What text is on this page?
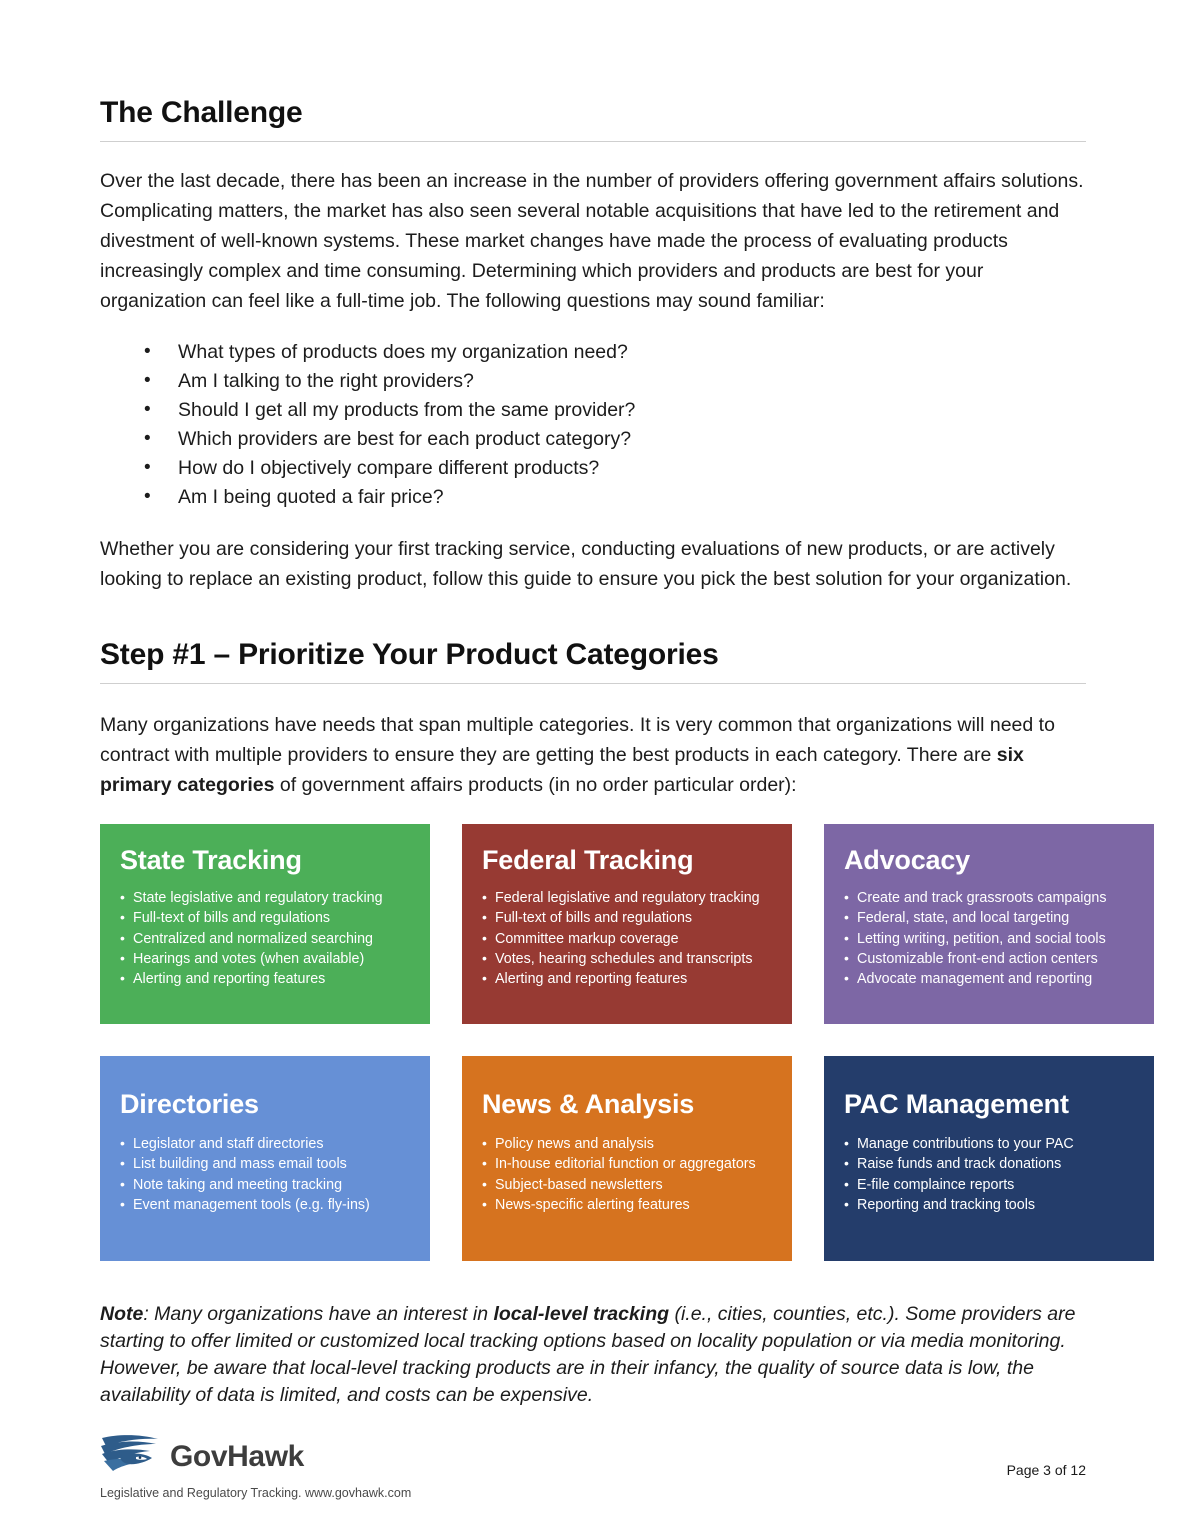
The Challenge

Over the last decade, there has been an increase in the number of providers offering government affairs solutions. Complicating matters, the market has also seen several notable acquisitions that have led to the retirement and divestment of well-known systems. These market changes have made the process of evaluating products increasingly complex and time consuming. Determining which providers and products are best for your organization can feel like a full-time job. The following questions may sound familiar:

• What types of products does my organization need?
• Am I talking to the right providers?
• Should I get all my products from the same provider?
• Which providers are best for each product category?
• How do I objectively compare different products?
• Am I being quoted a fair price?

Whether you are considering your first tracking service, conducting evaluations of new products, or are actively looking to replace an existing product, follow this guide to ensure you pick the best solution for your organization.

Step #1 – Prioritize Your Product Categories

Many organizations have needs that span multiple categories. It is very common that organizations will need to contract with multiple providers to ensure they are getting the best products in each category. There are six primary categories of government affairs products (in no order particular order):

State Tracking
• State legislative and regulatory tracking
• Full-text of bills and regulations
• Centralized and normalized searching
• Hearings and votes (when available)
• Alerting and reporting features
Federal Tracking
• Federal legislative and regulatory tracking
• Full-text of bills and regulations
• Committee markup coverage
• Votes, hearing schedules and transcripts
• Alerting and reporting features
Advocacy
• Create and track grassroots campaigns
• Federal, state, and local targeting
• Letting writing, petition, and social tools
• Customizable front-end action centers
• Advocate management and reporting
Directories
• Legislator and staff directories
• List building and mass email tools
• Note taking and meeting tracking
• Event management tools (e.g. fly-ins)
News & Analysis
• Policy news and analysis
• In-house editorial function or aggregators
• Subject-based newsletters
• News-specific alerting features
PAC Management
• Manage contributions to your PAC
• Raise funds and track donations
• E-file complaince reports
• Reporting and tracking tools

Note: Many organizations have an interest in local-level tracking (i.e., cities, counties, etc.). Some providers are starting to offer limited or customized local tracking options based on locality population or via media monitoring. However, be aware that local-level tracking products are in their infancy, the quality of source data is low, the availability of data is limited, and costs can be expensive.

GovHawk
Legislative and Regulatory Tracking. www.govhawk.com
Page 3 of 12
